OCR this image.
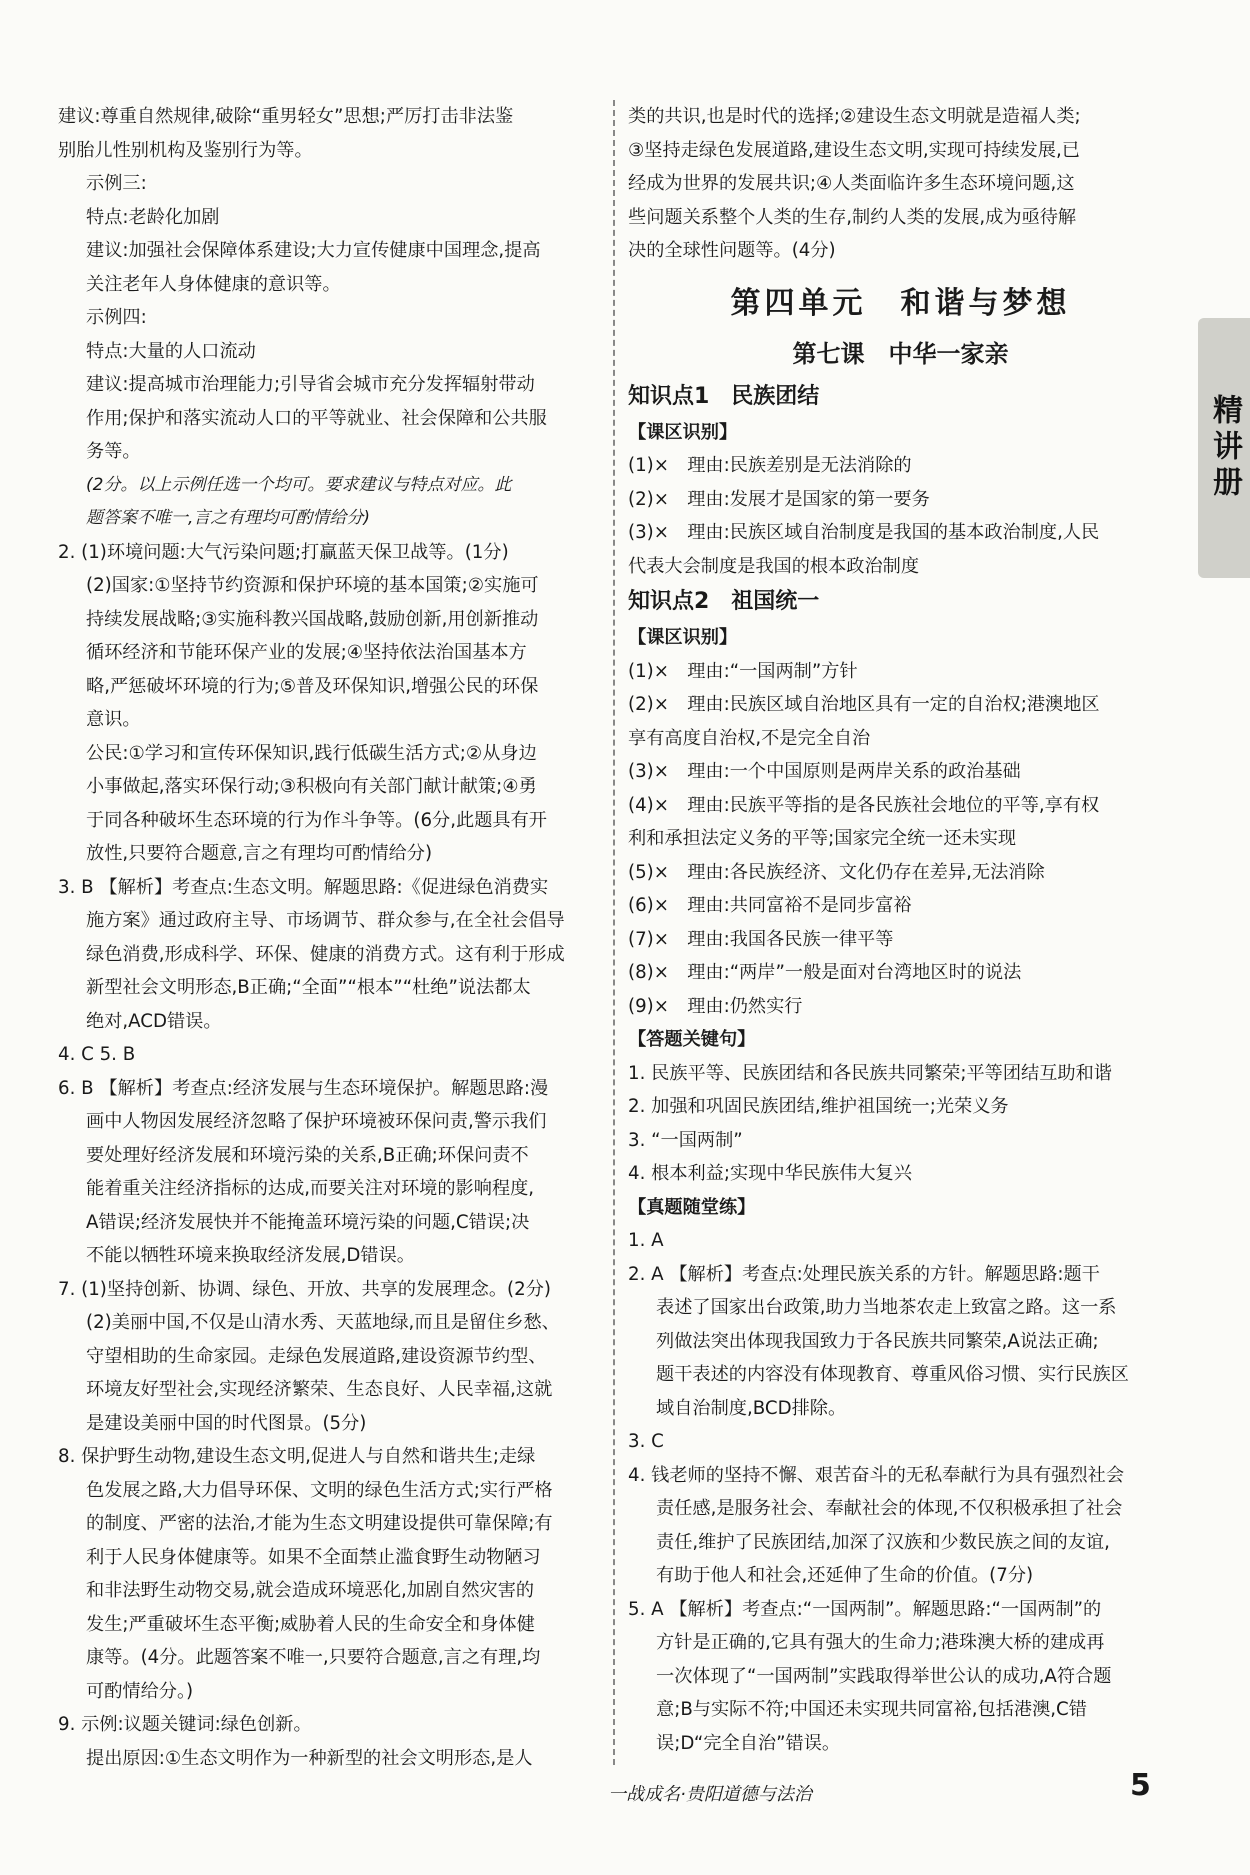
建议:尊重自然规律,破除“重男轻女”思想;严厉打击非法鉴

别胎儿性别机构及鉴别行为等。

示例三:

特点:老龄化加剧

建议:加强社会保障体系建设;大力宣传健康中国理念,提高

关注老年人身体健康的意识等。

示例四:

特点:大量的人口流动

建议:提高城市治理能力;引导省会城市充分发挥辐射带动

作用;保护和落实流动人口的平等就业、社会保障和公共服

务等。

(2分。以上示例任选一个均可。要求建议与特点对应。此

题答案不唯一,言之有理均可酌情给分)

2. (1)环境问题:大气污染问题;打赢蓝天保卫战等。(1分)

(2)国家:①坚持节约资源和保护环境的基本国策;②实施可

持续发展战略;③实施科教兴国战略,鼓励创新,用创新推动

循环经济和节能环保产业的发展;④坚持依法治国基本方

略,严惩破坏环境的行为;⑤普及环保知识,增强公民的环保

意识。

公民:①学习和宣传环保知识,践行低碳生活方式;②从身边

小事做起,落实环保行动;③积极向有关部门献计献策;④勇

于同各种破坏生态环境的行为作斗争等。(6分,此题具有开

放性,只要符合题意,言之有理均可酌情给分)

3. B 【解析】考查点:生态文明。解题思路:《促进绿色消费实

施方案》通过政府主导、市场调节、群众参与,在全社会倡导

绿色消费,形成科学、环保、健康的消费方式。这有利于形成

新型社会文明形态,B正确;“全面”“根本”“杜绝”说法都太

绝对,ACD错误。

4. C 5. B

6. B 【解析】考查点:经济发展与生态环境保护。解题思路:漫

画中人物因发展经济忽略了保护环境被环保问责,警示我们

要处理好经济发展和环境污染的关系,B正确;环保问责不

能着重关注经济指标的达成,而要关注对环境的影响程度,

A错误;经济发展快并不能掩盖环境污染的问题,C错误;决

不能以牺牲环境来换取经济发展,D错误。

7. (1)坚持创新、协调、绿色、开放、共享的发展理念。(2分)

(2)美丽中国,不仅是山清水秀、天蓝地绿,而且是留住乡愁、

守望相助的生命家园。走绿色发展道路,建设资源节约型、

环境友好型社会,实现经济繁荣、生态良好、人民幸福,这就

是建设美丽中国的时代图景。(5分)

8. 保护野生动物,建设生态文明,促进人与自然和谐共生;走绿

色发展之路,大力倡导环保、文明的绿色生活方式;实行严格

的制度、严密的法治,才能为生态文明建设提供可靠保障;有

利于人民身体健康等。如果不全面禁止滥食野生动物陋习

和非法野生动物交易,就会造成环境恶化,加剧自然灾害的

发生;严重破坏生态平衡;威胁着人民的生命安全和身体健

康等。(4分。此题答案不唯一,只要符合题意,言之有理,均

可酌情给分。)

9. 示例:议题关键词:绿色创新。

提出原因:①生态文明作为一种新型的社会文明形态,是人

类的共识,也是时代的选择;②建设生态文明就是造福人类;

③坚持走绿色发展道路,建设生态文明,实现可持续发展,已

经成为世界的发展共识;④人类面临许多生态环境问题,这

些问题关系整个人类的生存,制约人类的发展,成为亟待解

决的全球性问题等。(4分)

第四单元　和谐与梦想
第七课　中华一家亲
知识点1　民族团结
【课区识别】

(1)×　理由:民族差别是无法消除的

(2)×　理由:发展才是国家的第一要务

(3)×　理由:民族区域自治制度是我国的基本政治制度,人民

代表大会制度是我国的根本政治制度

知识点2　祖国统一
【课区识别】

(1)×　理由:“一国两制”方针

(2)×　理由:民族区域自治地区具有一定的自治权;港澳地区

享有高度自治权,不是完全自治

(3)×　理由:一个中国原则是两岸关系的政治基础

(4)×　理由:民族平等指的是各民族社会地位的平等,享有权

利和承担法定义务的平等;国家完全统一还未实现

(5)×　理由:各民族经济、文化仍存在差异,无法消除

(6)×　理由:共同富裕不是同步富裕

(7)×　理由:我国各民族一律平等

(8)×　理由:“两岸”一般是面对台湾地区时的说法

(9)×　理由:仍然实行

【答题关键句】

1. 民族平等、民族团结和各民族共同繁荣;平等团结互助和谐

2. 加强和巩固民族团结,维护祖国统一;光荣义务

3. “一国两制”

4. 根本利益;实现中华民族伟大复兴

【真题随堂练】

1. A

2. A 【解析】考查点:处理民族关系的方针。解题思路:题干

表述了国家出台政策,助力当地茶农走上致富之路。这一系

列做法突出体现我国致力于各民族共同繁荣,A说法正确;

题干表述的内容没有体现教育、尊重风俗习惯、实行民族区

域自治制度,BCD排除。

3. C

4. 钱老师的坚持不懈、艰苦奋斗的无私奉献行为具有强烈社会

责任感,是服务社会、奉献社会的体现,不仅积极承担了社会

责任,维护了民族团结,加深了汉族和少数民族之间的友谊,

有助于他人和社会,还延伸了生命的价值。(7分)

5. A 【解析】考查点:“一国两制”。解题思路:“一国两制”的

方针是正确的,它具有强大的生命力;港珠澳大桥的建成再

一次体现了“一国两制”实践取得举世公认的成功,A符合题

意;B与实际不符;中国还未实现共同富裕,包括港澳,C错

误;D“完全自治”错误。

精讲册
一战成名·贵阳道德与法治	5
